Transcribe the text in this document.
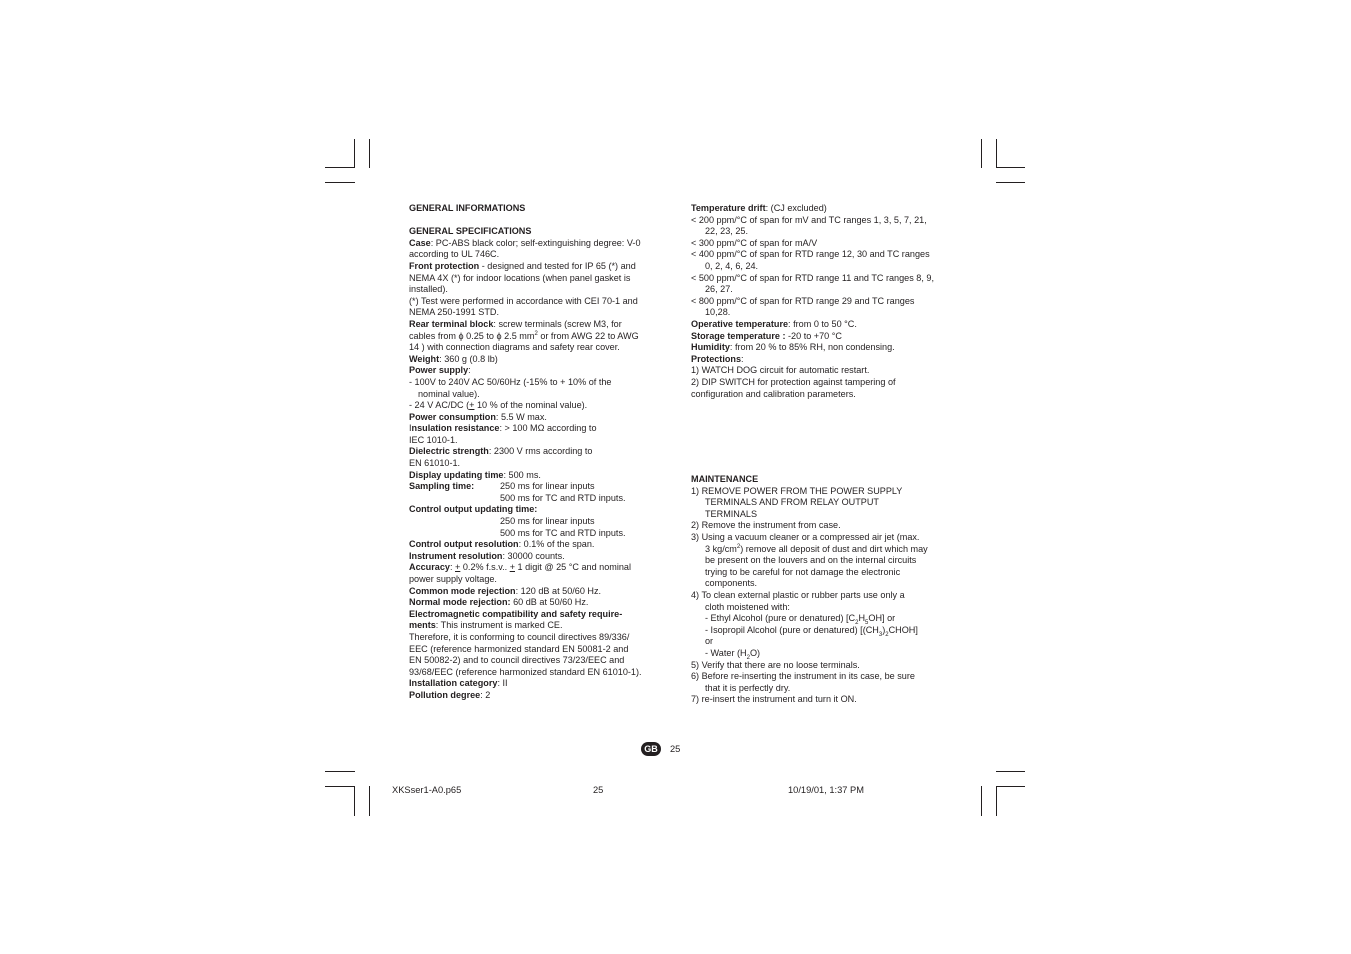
GENERAL INFORMATIONS

GENERAL SPECIFICATIONS

Case: PC-ABS black color; self-extinguishing degree: V-0

according to UL 746C.

Front protection - designed and tested for IP 65 (*) and

NEMA 4X (*) for indoor locations (when panel gasket is

installed).

(*) Test were performed in accordance with CEI 70-1 and

NEMA 250-1991 STD.

Rear terminal block: screw terminals (screw M3, for

cables from ϕ 0.25 to ϕ 2.5 $mm^2$ or from AWG 22 to AWG

14 ) with connection diagrams and safety rear cover.

Weight: 360 g (0.8 lb)

Power supply:

- 100V to 240V AC 50/60Hz (-15% to + 10% of the

nominal value).

- 24 V AC/DC (+ 10 % of the nominal value).

Power consumption: 5.5 W max.

Insulation resistance: > 100 MΩ according to

IEC 1010-1.

Dielectric strength: 2300 V rms according to

EN 61010-1.

Display updating time: 500 ms.

Sampling time:	250 ms for linear inputs

500 ms for TC and RTD inputs.

Control output updating time:

250 ms for linear inputs

500 ms for TC and RTD inputs.

Control output resolution: 0.1% of the span.

Instrument resolution: 30000 counts.

Accuracy: + 0.2% f.s.v.. + 1 digit @ 25 °C and nominal

power supply voltage.

Common mode rejection: 120 dB at 50/60 Hz.

Normal mode rejection: 60 dB at 50/60 Hz.

Electromagnetic compatibility and safety require-

ments: This instrument is marked CE.

Therefore, it is conforming to council directives 89/336/

EEC (reference harmonized standard EN 50081-2 and

EN 50082-2) and to council directives 73/23/EEC and

93/68/EEC (reference harmonized standard EN 61010-1).

Installation category: II

Pollution degree: 2

Temperature drift: (CJ excluded)

< 200 ppm/°C of span for mV and TC ranges 1, 3, 5, 7, 21,

22, 23, 25.

< 300 ppm/°C of span for mA/V

< 400 ppm/°C of span for RTD range 12, 30 and TC ranges

0, 2, 4, 6, 24.

< 500 ppm/°C of span for RTD range 11 and TC ranges 8, 9,

26, 27.

< 800 ppm/°C of span for RTD range 29 and TC ranges

10,28.

Operative temperature: from 0 to 50 °C.

Storage temperature : -20 to +70 °C

Humidity: from 20 % to 85% RH, non condensing.

Protections:

1) WATCH DOG circuit for automatic restart.

2) DIP SWITCH for protection against tampering of

configuration and calibration parameters.

MAINTENANCE

1) REMOVE POWER FROM THE POWER SUPPLY

TERMINALS AND FROM RELAY OUTPUT

TERMINALS

2) Remove the instrument from case.

3) Using a vacuum cleaner or a compressed air jet (max.

3 $kg/cm^2$) remove all deposit of dust and dirt which may

be present on the louvers and on the internal circuits

trying to be careful for not damage the electronic

components.

4) To clean external plastic or rubber parts use only a

cloth moistened with:

- Ethyl Alcohol (pure or denatured) $[C_2H_5OH]$ or

- Isopropil Alcohol (pure or denatured) $[(CH_3)_2CHOH]$

or

- Water $(H_2O)$

5) Verify that there are no loose terminals.

6) Before re-inserting the instrument in its case, be sure

that it is perfectly dry.

7) re-insert the instrument and turn it ON.

GB	25
XKSser1-A0.p65	25	10/19/01, 1:37 PM
